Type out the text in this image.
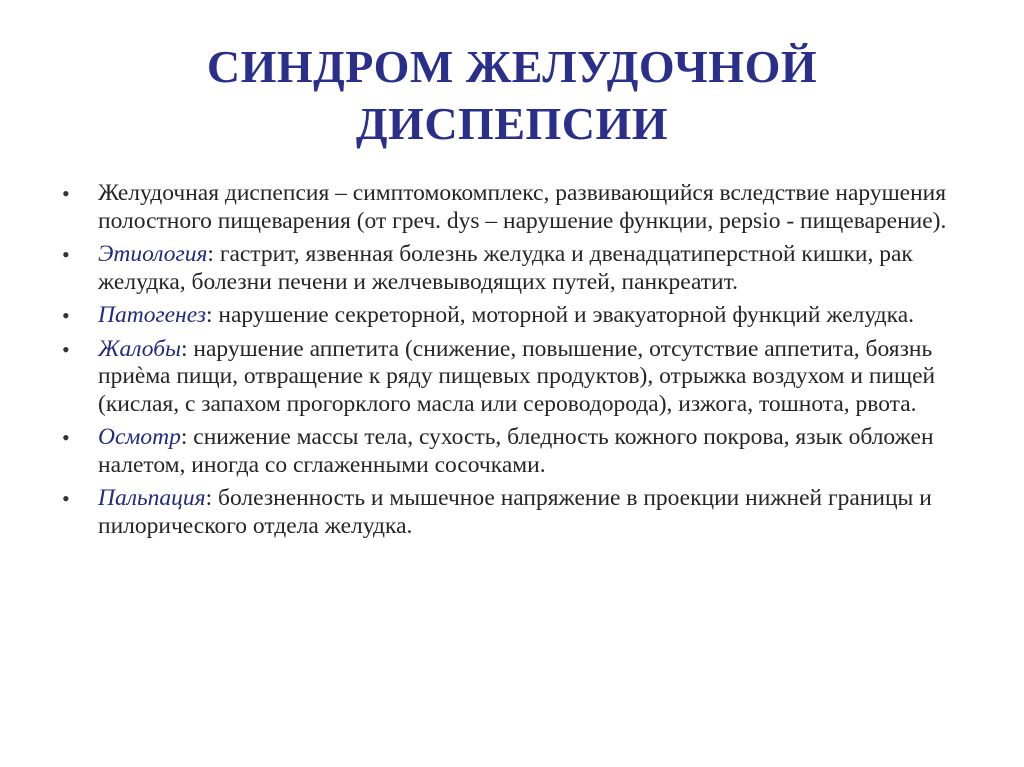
СИНДРОМ ЖЕЛУДОЧНОЙ
ДИСПЕПСИИ
•	Желудочная диспепсия – симптомокомплекс, развивающийся вследствие нарушения полостного пищеварения (от греч. dys – нарушение функции, pepsio - пищеварение).
•	Этиология: гастрит, язвенная болезнь желудка и двенадцатиперстной кишки, рак желудка, болезни печени и желчевыводящих путей, панкреатит.
•	Патогенез: нарушение секреторной, моторной и эвакуаторной функций желудка.
•	Жалобы: нарушение аппетита (снижение, повышение, отсутствие аппетита, боязнь приѐма пищи, отвращение к ряду пищевых продуктов), отрыжка воздухом и пищей (кислая, с запахом прогорклого масла или сероводорода), изжога, тошнота, рвота.
•	Осмотр: снижение массы тела, сухость, бледность кожного покрова, язык обложен налетом, иногда со сглаженными сосочками.
•	Пальпация: болезненность и мышечное напряжение в проекции нижней границы и пилорического отдела желудка.
